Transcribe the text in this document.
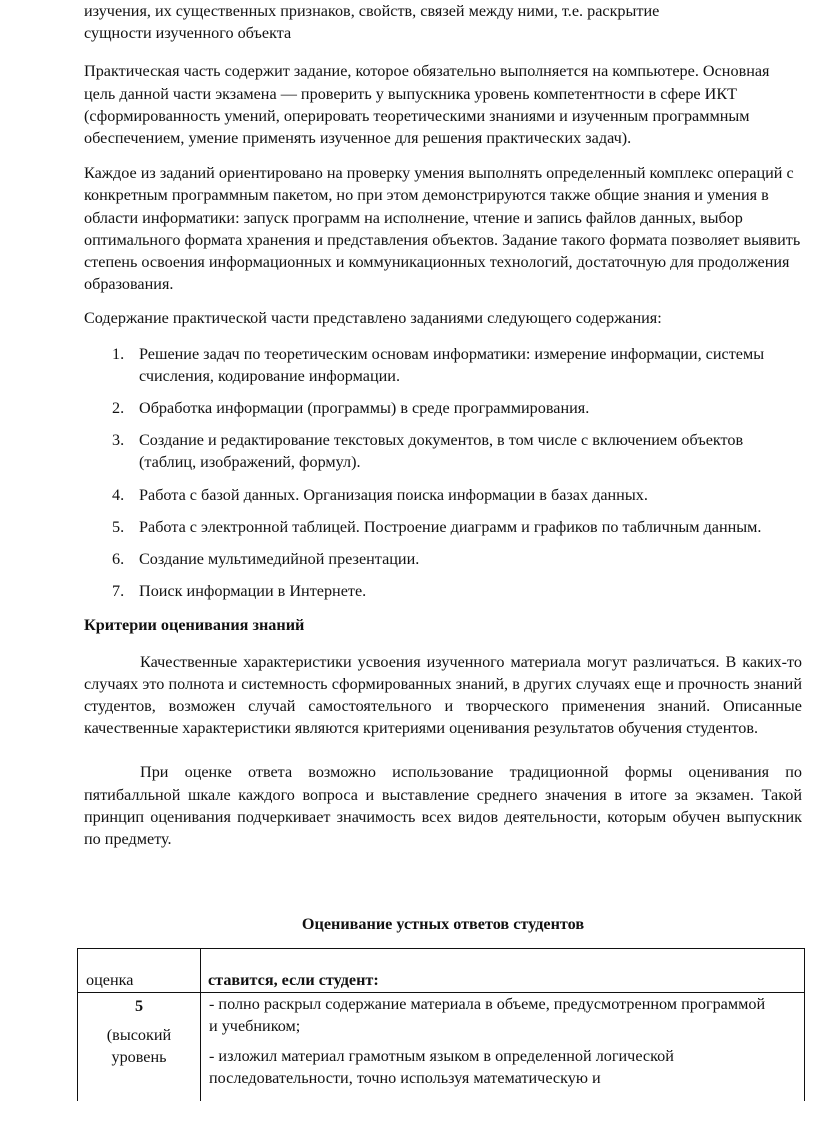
изучения, их существенных признаков, свойств, связей между ними, т.е. раскрытие
сущности изученного объекта

Практическая часть содержит задание, которое обязательно выполняется на компьютере. Основная цель данной части экзамена — проверить у выпускника уровень компетентности в сфере ИКТ (сформированность умений, оперировать теоретическими знаниями и изученным программным обеспечением, умение применять изученное для решения практических задач).

Каждое из заданий ориентировано на проверку умения выполнять определенный комплекс операций с конкретным программным пакетом, но при этом демонстрируются также общие знания и умения в области информатики: запуск программ на исполнение, чтение и запись файлов данных, выбор оптимального формата хранения и представления объектов. Задание такого формата позволяет выявить степень освоения информационных и коммуникационных технологий, достаточную для продолжения образования.

Содержание практической части представлено заданиями следующего содержания:

1. Решение задач по теоретическим основам информатики: измерение информации, системы счисления, кодирование информации.
2. Обработка информации (программы) в среде программирования.
3. Создание и редактирование текстовых документов, в том числе с включением объектов (таблиц, изображений, формул).
4. Работа с базой данных. Организация поиска информации в базах данных.
5. Работа с электронной таблицей. Построение диаграмм и графиков по табличным данным.
6. Создание мультимедийной презентации.
7. Поиск информации в Интернете.

Критерии оценивания знаний

Качественные характеристики усвоения изученного материала могут различаться. В каких-то случаях это полнота и системность сформированных знаний, в других случаях еще и прочность знаний студентов, возможен случай самостоятельного и творческого применения знаний. Описанные качественные характеристики являются критериями оценивания результатов обучения студентов.

При оценке ответа возможно использование традиционной формы оценивания по пятибалльной шкале каждого вопроса и выставление среднего значения в итоге за экзамен. Такой принцип оценивания подчеркивает значимость всех видов деятельности, которым обучен выпускник по предмету.

Оценивание устных ответов студентов
оценка	ставится, если студент:
5
(высокий уровень
- полно раскрыл содержание материала в объеме, предусмотренном программой и учебником;
- изложил материал грамотным языком в определенной логической последовательности, точно используя математическую и
